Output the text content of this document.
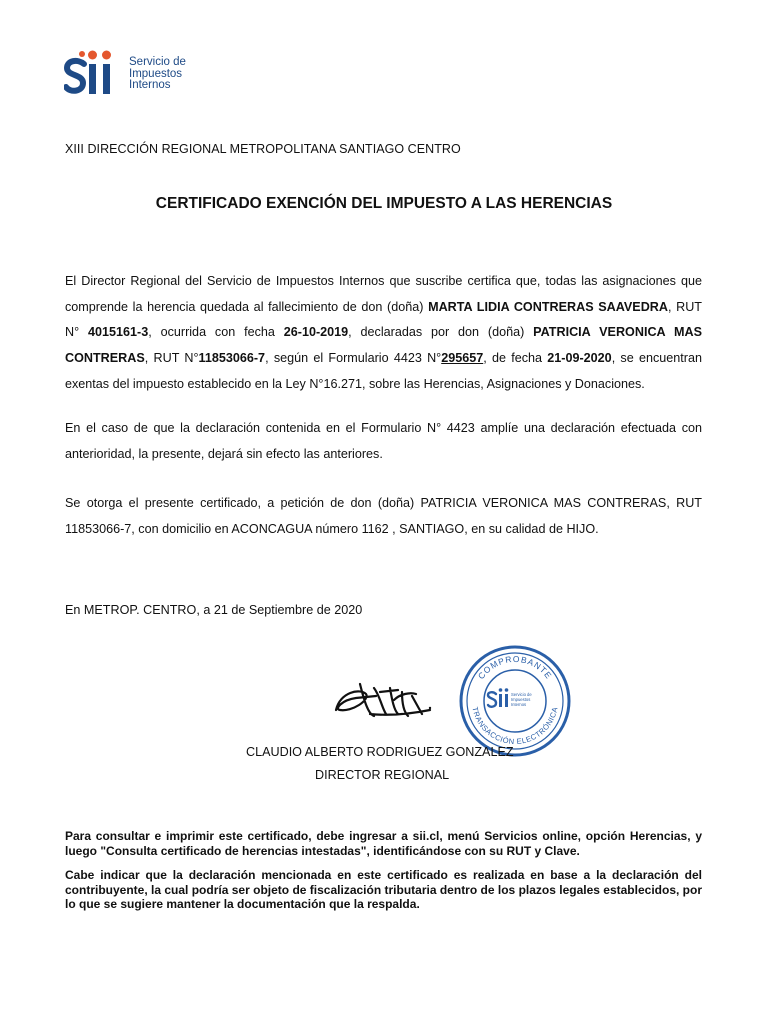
Servicio de
Impuestos
Internos
XIII DIRECCIÓN REGIONAL METROPOLITANA SANTIAGO CENTRO
CERTIFICADO EXENCIÓN DEL IMPUESTO A LAS HERENCIAS
El Director Regional del Servicio de Impuestos Internos que suscribe certifica que, todas las asignaciones que comprende la herencia quedada al fallecimiento de don (doña) MARTA LIDIA CONTRERAS SAAVEDRA, RUT N° 4015161-3, ocurrida con fecha 26-10-2019, declaradas por don (doña) PATRICIA VERONICA MAS CONTRERAS, RUT N°11853066-7, según el Formulario 4423 N°295657, de fecha 21-09-2020, se encuentran exentas del impuesto establecido en la Ley N°16.271, sobre las Herencias, Asignaciones y Donaciones.
En el caso de que la declaración contenida en el Formulario N° 4423 amplíe una declaración efectuada con anterioridad, la presente, dejará sin efecto las anteriores.
Se otorga el presente certificado, a petición de don (doña) PATRICIA VERONICA MAS CONTRERAS, RUT 11853066-7, con domicilio en ACONCAGUA número 1162 , SANTIAGO, en su calidad de HIJO.
En METROP. CENTRO, a 21 de Septiembre de 2020
COMPROBANTE
TRANSACCIÓN ELECTRÓNICA
Servicio de
Impuestos
Internos
CLAUDIO ALBERTO RODRIGUEZ GONZALEZ
DIRECTOR REGIONAL
Para consultar e imprimir este certificado, debe ingresar a sii.cl, menú Servicios online, opción Herencias, y luego "Consulta certificado de herencias intestadas", identificándose con su RUT y Clave.
Cabe indicar que la declaración mencionada en este certificado es realizada en base a la declaración del contribuyente, la cual podría ser objeto de fiscalización tributaria dentro de los plazos legales establecidos, por lo que se sugiere mantener la documentación que la respalda.
